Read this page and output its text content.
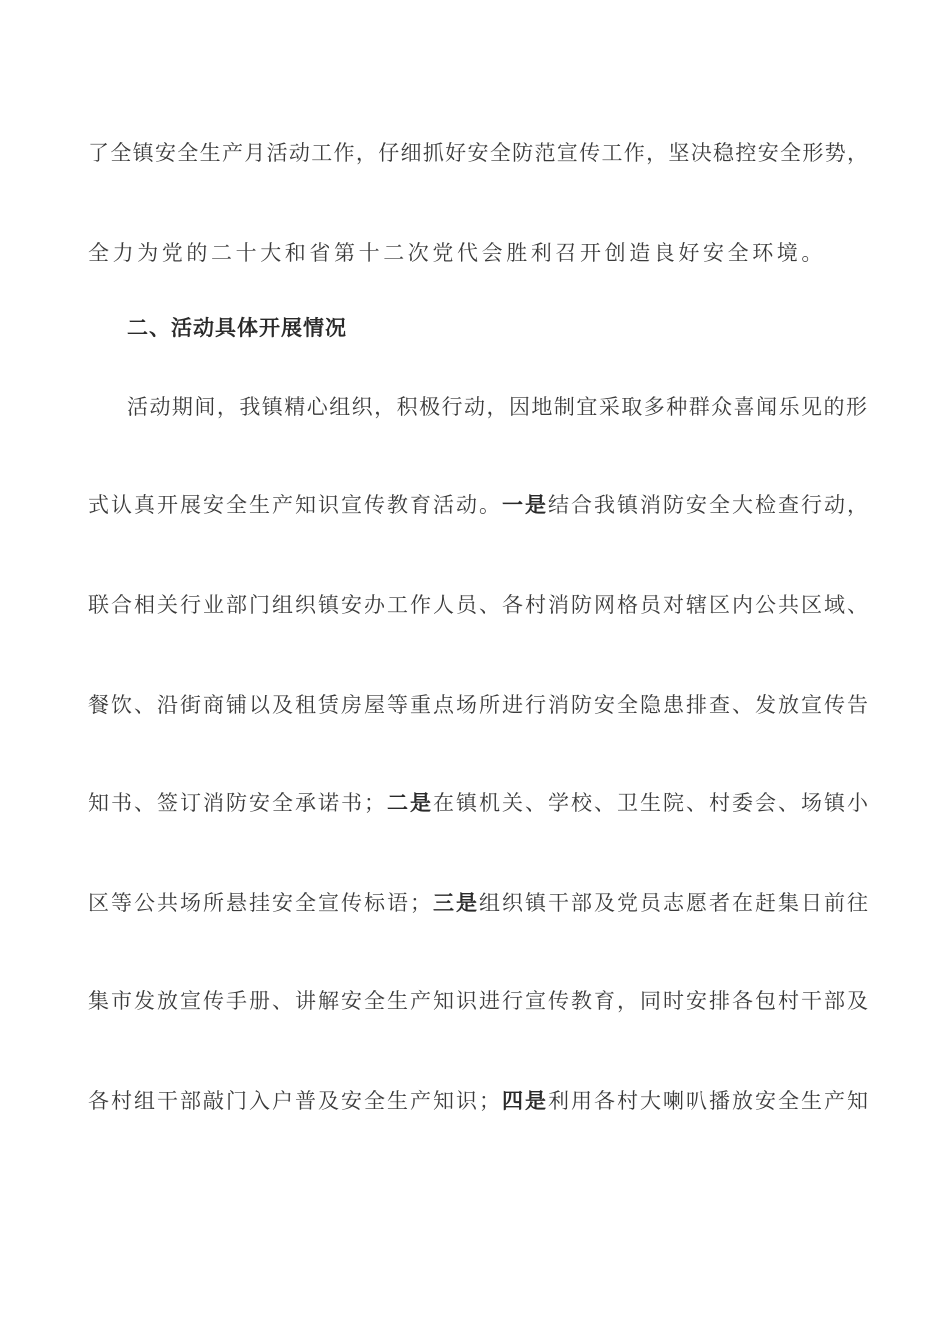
了全镇安全生产月活动工作，仔细抓好安全防范宣传工作，坚决稳控安全形势，
全力为党的二十大和省第十二次党代会胜利召开创造良好安全环境。
二、活动具体开展情况
活动期间，我镇精心组织，积极行动，因地制宜采取多种群众喜闻乐见的形
式认真开展安全生产知识宣传教育活动。一是结合我镇消防安全大检查行动，
联合相关行业部门组织镇安办工作人员、各村消防网格员对辖区内公共区域、
餐饮、沿街商铺以及租赁房屋等重点场所进行消防安全隐患排查、发放宣传告
知书、签订消防安全承诺书；二是在镇机关、学校、卫生院、村委会、场镇小
区等公共场所悬挂安全宣传标语；三是组织镇干部及党员志愿者在赶集日前往
集市发放宣传手册、讲解安全生产知识进行宣传教育，同时安排各包村干部及
各村组干部敲门入户普及安全生产知识；四是利用各村大喇叭播放安全生产知
